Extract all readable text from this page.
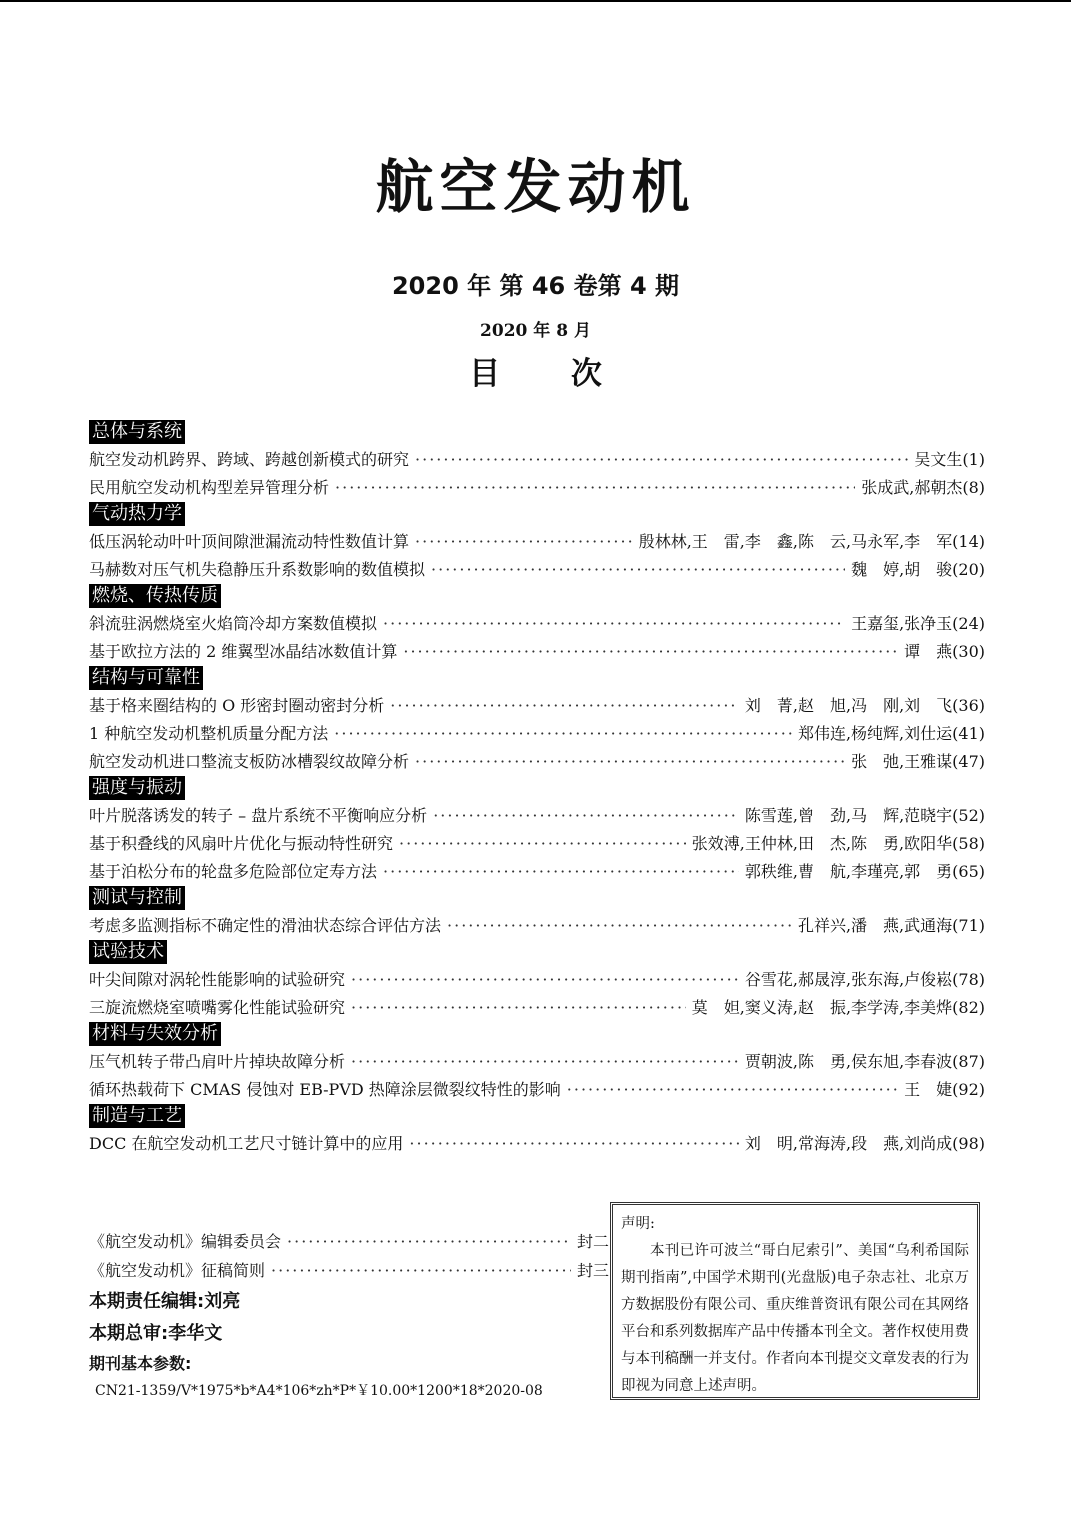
航空发动机
2020 年 第 46 卷第 4 期
2020 年 8 月
目 次
总体与系统
航空发动机跨界、跨域、跨越创新模式的研究 ·····	吴文生(1)
民用航空发动机构型差异管理分析 ·····	张成武,郝朝杰(8)
气动热力学
低压涡轮动叶叶顶间隙泄漏流动特性数值计算 ·····	殷林林,王　雷,李　鑫,陈　云,马永军,李　军(14)
马赫数对压气机失稳静压升系数影响的数值模拟 ·····	魏　婷,胡　骏(20)
燃烧、传热传质
斜流驻涡燃烧室火焰筒冷却方案数值模拟 ·····	王嘉玺,张净玉(24)
基于欧拉方法的 2 维翼型冰晶结冰数值计算 ·····	谭　燕(30)
结构与可靠性
基于格来圈结构的 O 形密封圈动密封分析 ·····	刘　菁,赵　旭,冯　刚,刘　飞(36)
1 种航空发动机整机质量分配方法 ·····	郑伟连,杨纯辉,刘仕运(41)
航空发动机进口整流支板防冰槽裂纹故障分析 ·····	张　弛,王雅谋(47)
强度与振动
叶片脱落诱发的转子 – 盘片系统不平衡响应分析 ·····	陈雪莲,曾　劲,马　辉,范晓宇(52)
基于积叠线的风扇叶片优化与振动特性研究 ·····	张效溥,王仲林,田　杰,陈　勇,欧阳华(58)
基于泊松分布的轮盘多危险部位定寿方法 ·····	郭秩维,曹　航,李瑾亮,郭　勇(65)
测试与控制
考虑多监测指标不确定性的滑油状态综合评估方法 ·····	孔祥兴,潘　燕,武通海(71)
试验技术
叶尖间隙对涡轮性能影响的试验研究 ·····	谷雪花,郝晟淳,张东海,卢俊崧(78)
三旋流燃烧室喷嘴雾化性能试验研究 ·····	莫　妲,窦义涛,赵　振,李学涛,李美烨(82)
材料与失效分析
压气机转子带凸肩叶片掉块故障分析 ·····	贾朝波,陈　勇,侯东旭,李春波(87)
循环热载荷下 CMAS 侵蚀对 EB-PVD 热障涂层微裂纹特性的影响 ·····	王　婕(92)
制造与工艺
DCC 在航空发动机工艺尺寸链计算中的应用 ·····	刘　明,常海涛,段　燕,刘尚成(98)
《航空发动机》编辑委员会 ·····	封二
《航空发动机》征稿简则 ·····	封三
本期责任编辑:刘亮
本期总审:李华文
期刊基本参数:
CN21-1359/V*1975*b*A4*106*zh*P*￥10.00*1200*18*2020-08
声明:
本刊已许可波兰“哥白尼索引”、美国“乌利希国际期刊指南”,中国学术期刊(光盘版)电子杂志社、北京万方数据股份有限公司、重庆维普资讯有限公司在其网络平台和系列数据库产品中传播本刊全文。著作权使用费与本刊稿酬一并支付。作者向本刊提交文章发表的行为即视为同意上述声明。
